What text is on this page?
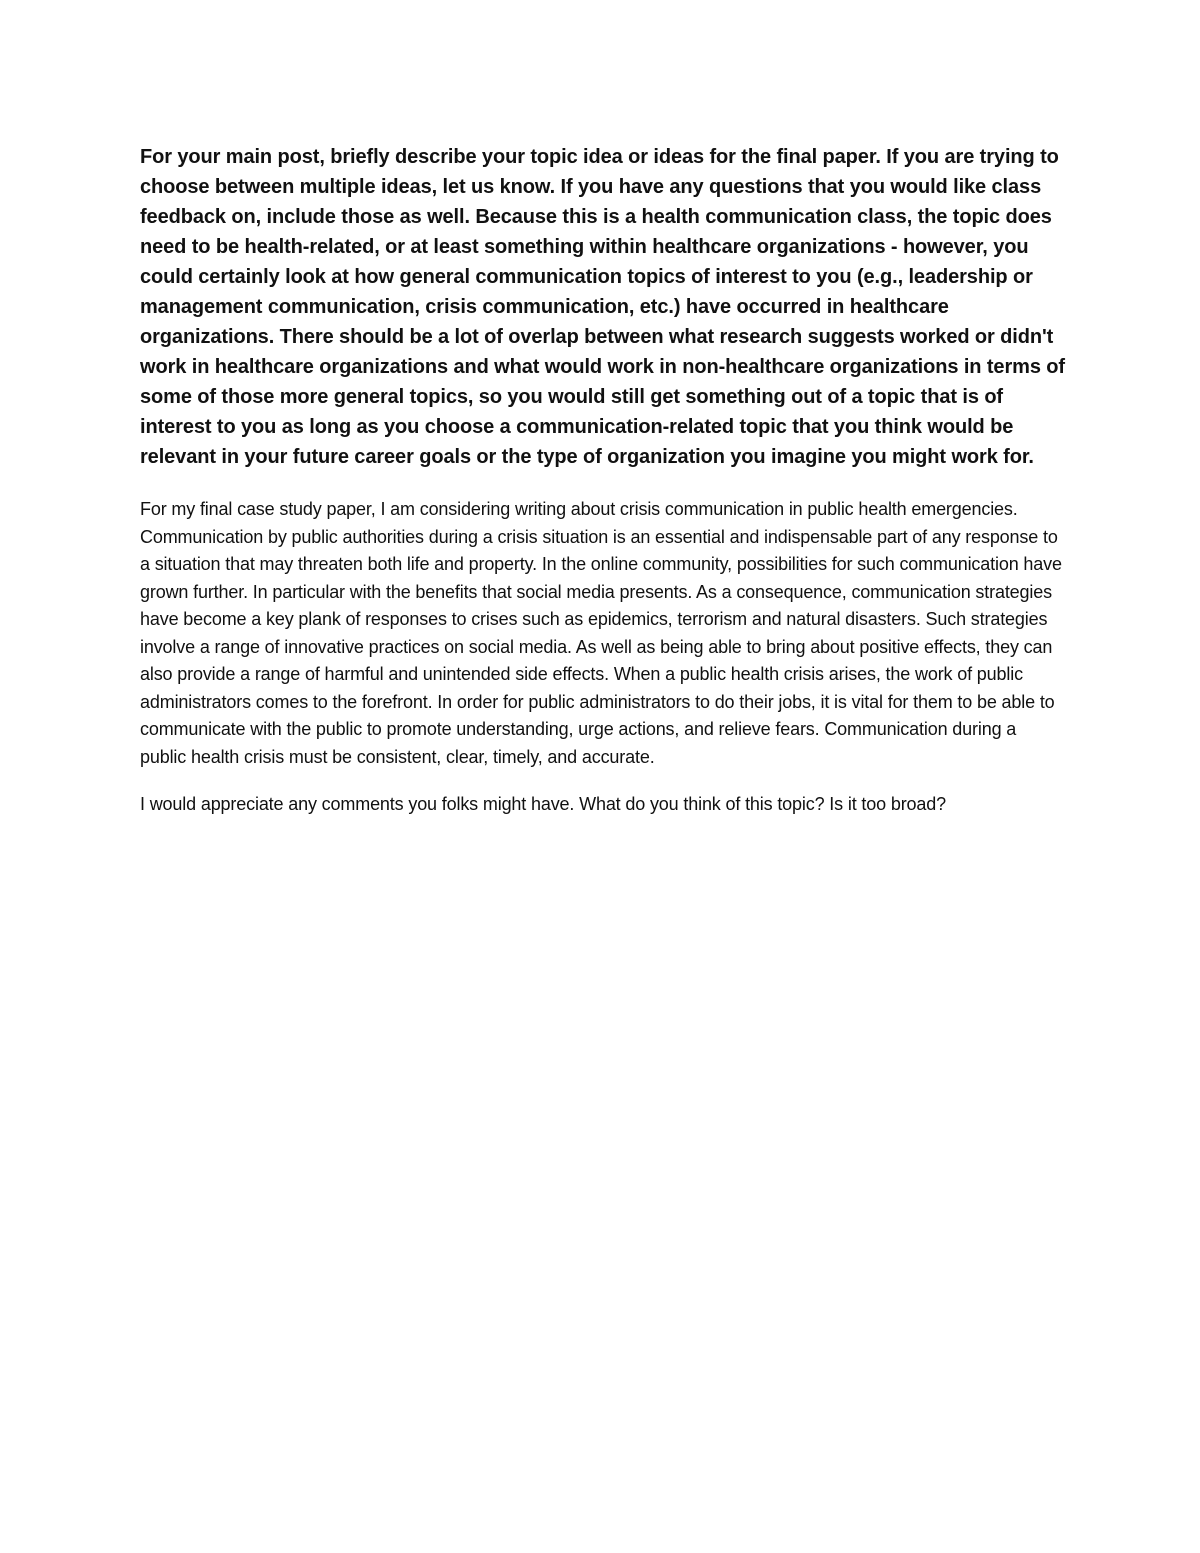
For your main post, briefly describe your topic idea or ideas for the final paper. If you are trying to choose between multiple ideas, let us know. If you have any questions that you would like class feedback on, include those as well. Because this is a health communication class, the topic does need to be health-related, or at least something within healthcare organizations - however, you could certainly look at how general communication topics of interest to you (e.g., leadership or management communication, crisis communication, etc.) have occurred in healthcare organizations. There should be a lot of overlap between what research suggests worked or didn't work in healthcare organizations and what would work in non-healthcare organizations in terms of some of those more general topics, so you would still get something out of a topic that is of interest to you as long as you choose a communication-related topic that you think would be relevant in your future career goals or the type of organization you imagine you might work for.

For my final case study paper, I am considering writing about crisis communication in public health emergencies. Communication by public authorities during a crisis situation is an essential and indispensable part of any response to a situation that may threaten both life and property. In the online community, possibilities for such communication have grown further. In particular with the benefits that social media presents. As a consequence, communication strategies have become a key plank of responses to crises such as epidemics, terrorism and natural disasters. Such strategies involve a range of innovative practices on social media. As well as being able to bring about positive effects, they can also provide a range of harmful and unintended side effects. When a public health crisis arises, the work of public administrators comes to the forefront. In order for public administrators to do their jobs, it is vital for them to be able to communicate with the public to promote understanding, urge actions, and relieve fears. Communication during a public health crisis must be consistent, clear, timely, and accurate.

I would appreciate any comments you folks might have. What do you think of this topic? Is it too broad?
